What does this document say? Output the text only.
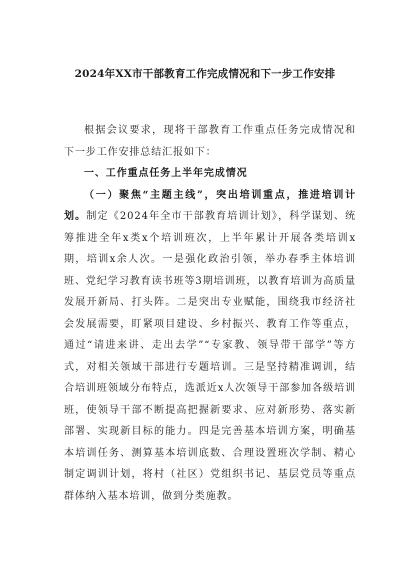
2024年XX市干部教育工作完成情况和下一步工作安排

根据会议要求，现将干部教育工作重点任务完成情况和下一步工作安排总结汇报如下：

一、工作重点任务上半年完成情况

（一）聚焦“主题主线”，突出培训重点，推进培训计划。制定《2024年全市干部教育培训计划》，科学谋划、统筹推进全年x类x个培训班次，上半年累计开展各类培训x期，培训x余人次。一是强化政治引领，举办春季主体培训班、党纪学习教育读书班等3期培训班，以教育培训为高质量发展开新局、打头阵。二是突出专业赋能，围绕我市经济社会发展需要，盯紧项目建设、乡村振兴、教育工作等重点，通过“请进来讲、走出去学”“专家教、领导带干部学”等方式，对相关领域干部进行专题培训。三是坚持精准调训，结合培训班领域分布特点，选派近x人次领导干部参加各级培训班，使领导干部不断提高把握新要求、应对新形势、落实新部署、实现新目标的能力。四是完善基本培训方案，明确基本培训任务、测算基本培训底数、合理设置班次学制、精心制定调训计划，将村（社区）党组织书记、基层党员等重点群体纳入基本培训，做到分类施教。
